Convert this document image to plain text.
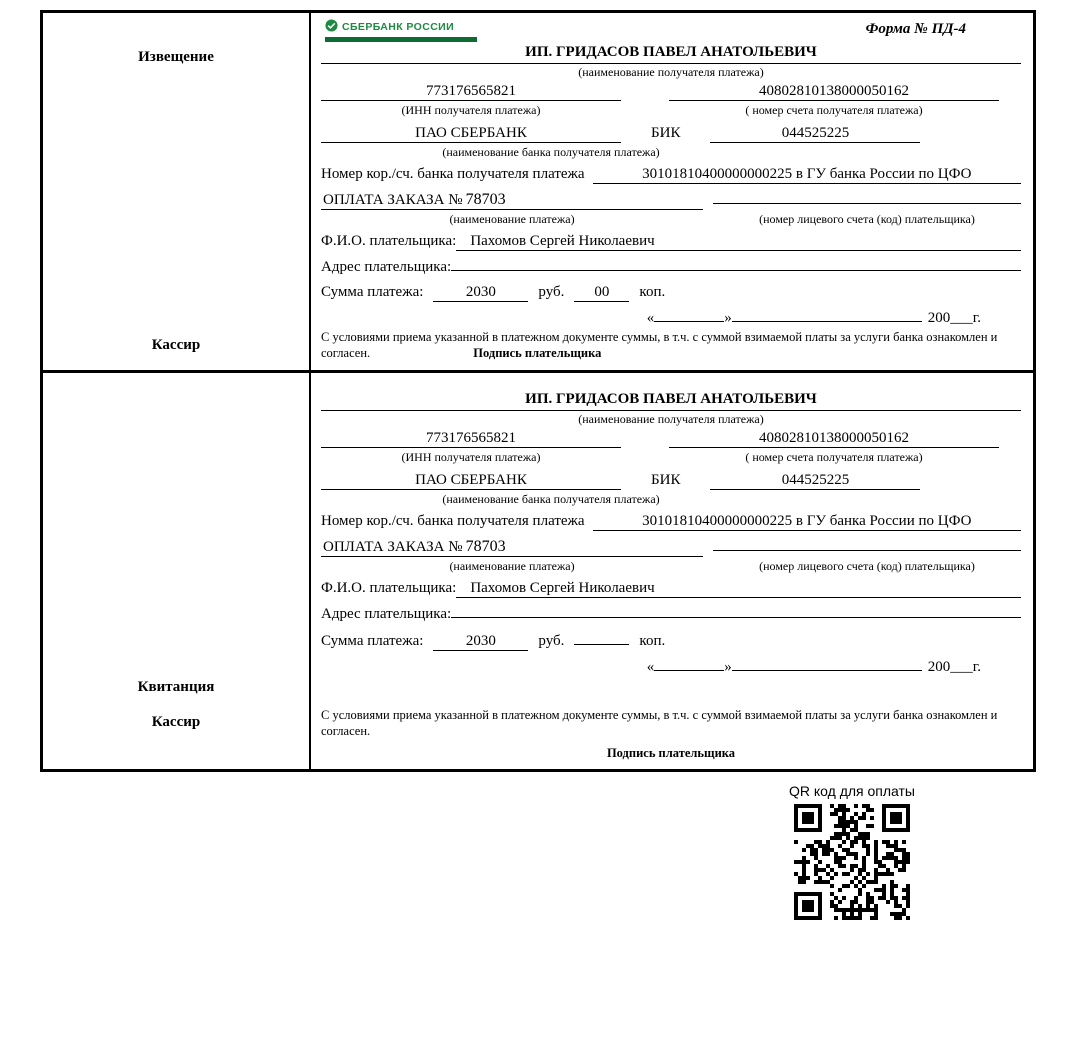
Извещение
Кассир
СБЕРБАНК РОССИИ	Форма № ПД-4
ИП. ГРИДАСОВ ПАВЕЛ АНАТОЛЬЕВИЧ
(наименование получателя платежа)
773176565821	40802810138000050162
(ИНН получателя платежа)	( номер счета получателя платежа)
ПАО СБЕРБАНК	БИК	044525225
(наименование банка получателя платежа)
Номер кор./сч. банка получателя платежа	30101810400000000225 в ГУ банка России по ЦФО
ОПЛАТА ЗАКАЗА № 78703
(наименование платежа)	(номер лицевого счета (код) плательщика)
Ф.И.О. плательщика: Пахомов Сергей Николаевич
Адрес плательщика:
Сумма платежа:	2030	руб.	00	коп.
«	»	200___г.
С условиями приема указанной в платежном документе суммы, в т.ч. с суммой взимаемой платы за услуги банка ознакомлен и согласен.	Подпись плательщика
Квитанция
Кассир
ИП. ГРИДАСОВ ПАВЕЛ АНАТОЛЬЕВИЧ
(наименование получателя платежа)
773176565821	40802810138000050162
(ИНН получателя платежа)	( номер счета получателя платежа)
ПАО СБЕРБАНК	БИК	044525225
(наименование банка получателя платежа)
Номер кор./сч. банка получателя платежа	30101810400000000225 в ГУ банка России по ЦФО
ОПЛАТА ЗАКАЗА № 78703
(наименование платежа)	(номер лицевого счета (код) плательщика)
Ф.И.О. плательщика: Пахомов Сергей Николаевич
Адрес плательщика:
Сумма платежа:	2030	руб.	коп.
«	»	200___г.
С условиями приема указанной в платежном документе суммы, в т.ч. с суммой взимаемой платы за услуги банка ознакомлен и согласен.
Подпись плательщика
QR код для оплаты
